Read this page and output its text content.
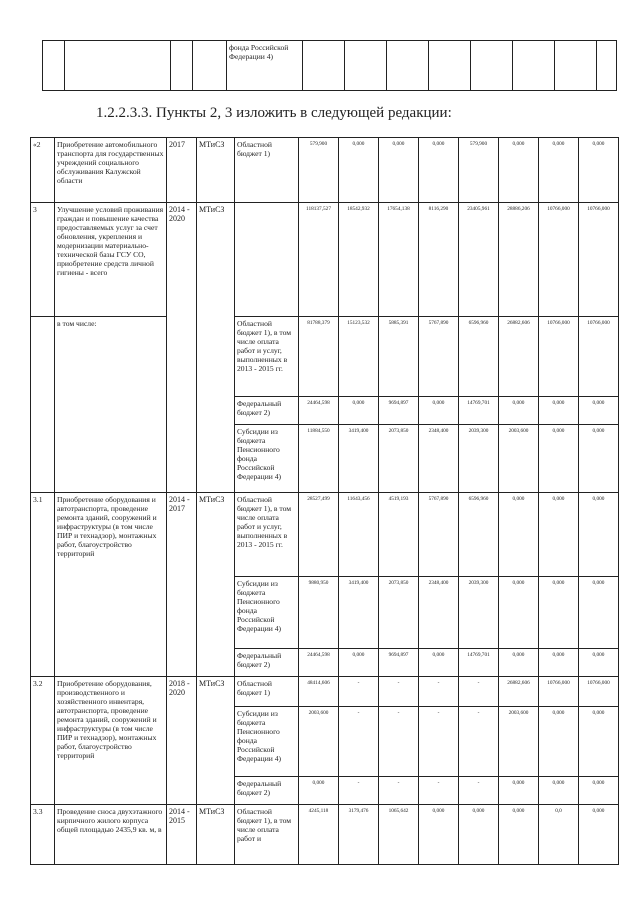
				фонда Российской Федерации 4)								
1.2.2.3.3. Пункты 2, 3 изложить в следующей редакции:
«2	Приобретение автомобильного транспорта для государственных учреждений социального обслуживания Калужской области	2017	МТиСЗ	Областной бюджет 1)	579,900	0,000	0,000	0,000	579,900	0,000	0,000	0,000
3	Улучшение условий проживания граждан и повышение качества предоставляемых услуг за счет обновления, укрепления и модернизации материально-технической базы ГСУ СО, приобретение средств личной гигиены - всего	2014 - 2020	МТиСЗ		118137,527	18542,932	17654,138	8116,290	23405,961	28886,206	10766,000	10766,000
	в том числе:			Областной бюджет 1), в том числе оплата работ и услуг, выполненных в 2013 - 2015 гг.	81788,379	15123,532	5885,391	5767,890	6596,960	26882,606	10766,000	10766,000
				Федеральный бюджет 2)	24464,598	0,000	9694,897	0,000	14769,701	0,000	0,000	0,000
				Субсидии из бюджета Пенсионного фонда Российской Федерации 4)	11884,550	3419,400	2073,850	2348,400	2039,300	2003,600	0,000	0,000
3.1	Приобретение оборудования и автотранспорта, проведение ремонта зданий, сооружений и инфраструктуры (в том числе ПИР и технадзор), монтажных работ, благоустройство территорий	2014 - 2017	МТиСЗ	Областной бюджет 1), в том числе оплата работ и услуг, выполненных в 2013 - 2015 гг.	28527,499	11643,456	4519,193	5767,890	6596,960	0,000	0,000	0,000
				Субсидии из бюджета Пенсионного фонда Российской Федерации 4)	9880,950	3419,400	2073,850	2348,400	2039,300	0,000	0,000	0,000
				Федеральный бюджет 2)	24464,598	0,000	9694,897	0,000	14769,701	0,000	0,000	0,000
3.2	Приобретение оборудования, производственного и хозяйственного инвентаря, автотранспорта, проведение ремонта зданий, сооружений и инфраструктуры (в том числе ПИР и технадзор), монтажных работ, благоустройство территорий	2018 - 2020	МТиСЗ	Областной бюджет 1)	48414,606	-	-	-	-	26882,606	10766,000	10766,000
				Субсидии из бюджета Пенсионного фонда Российской Федерации 4)	2003,600	-	-	-	-	2003,600	0,000	0,000
				Федеральный бюджет 2)	0,000	-	-	-	-	0,000	0,000	0,000
3.3	Проведение сноса двухэтажного кирпичного жилого корпуса общей площадью 2435,9 кв. м, в	2014 - 2015	МТиСЗ	Областной бюджет 1), в том числе оплата работ и	4245,118	3179,476	1065,642	0,000	0,000	0,000	0,0	0,000
